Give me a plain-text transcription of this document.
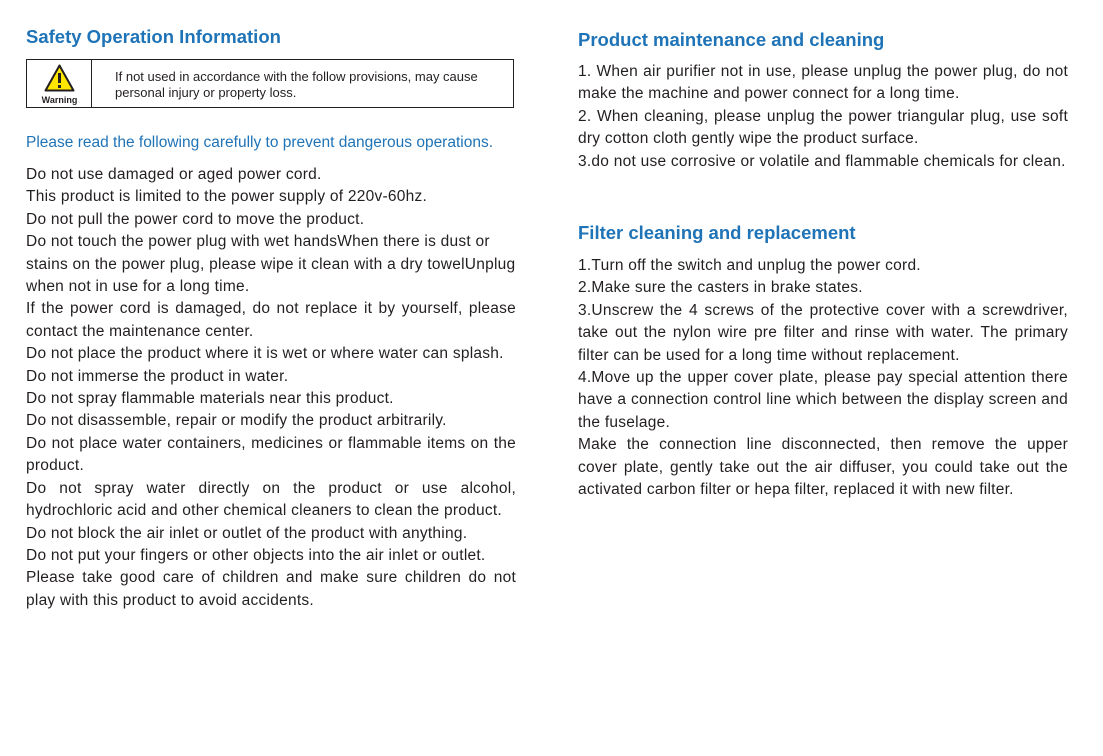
Safety Operation Information
Warning
If not used in accordance with the follow provisions, may cause personal injury or property loss.
Please read the following carefully to prevent dangerous operations.
Do not use damaged or aged power cord.
This product is limited to the power supply of 220v-60hz.
Do not pull the power cord to move the product.
Do not touch the power plug with wet handsWhen there is dust or stains on the power plug, please wipe it clean with a dry towelUnplug when not in use for a long time.
If the power cord is damaged, do not replace it by yourself, please contact the maintenance center.
Do not place the product where it is wet or where water can splash.
Do not immerse the product in water.
Do not spray flammable materials near this product.
Do not disassemble, repair or modify the product arbitrarily.
Do not place water containers, medicines or flammable items on the product.
Do not spray water directly on the product or use alcohol, hydrochloric acid and other chemical cleaners to clean the product.
Do not block the air inlet or outlet of the product with anything.
Do not put your fingers or other objects into the air inlet or outlet.
Please take good care of children and make sure children do not play with this product to avoid accidents.
Product maintenance and cleaning
1. When air purifier not in use, please unplug the power plug, do not make the machine and power connect for a long time.
2. When cleaning, please unplug the power triangular plug, use soft dry cotton cloth gently wipe the product surface.
3.do not use corrosive or volatile and flammable chemicals for clean.
Filter cleaning and replacement
1.Turn off the switch and unplug the power cord.
2.Make sure the casters in brake states.
3.Unscrew the 4 screws of the protective cover with a screwdriver, take out the nylon wire pre filter and rinse with water. The primary filter can be used for a long time without replacement.
4.Move up the upper cover plate, please pay special attention there have a connection control line which between the display screen and the fuselage.
Make the connection line disconnected, then remove the upper cover plate, gently take out the air diffuser, you could take out the activated carbon filter or hepa filter, replaced it with new filter.
